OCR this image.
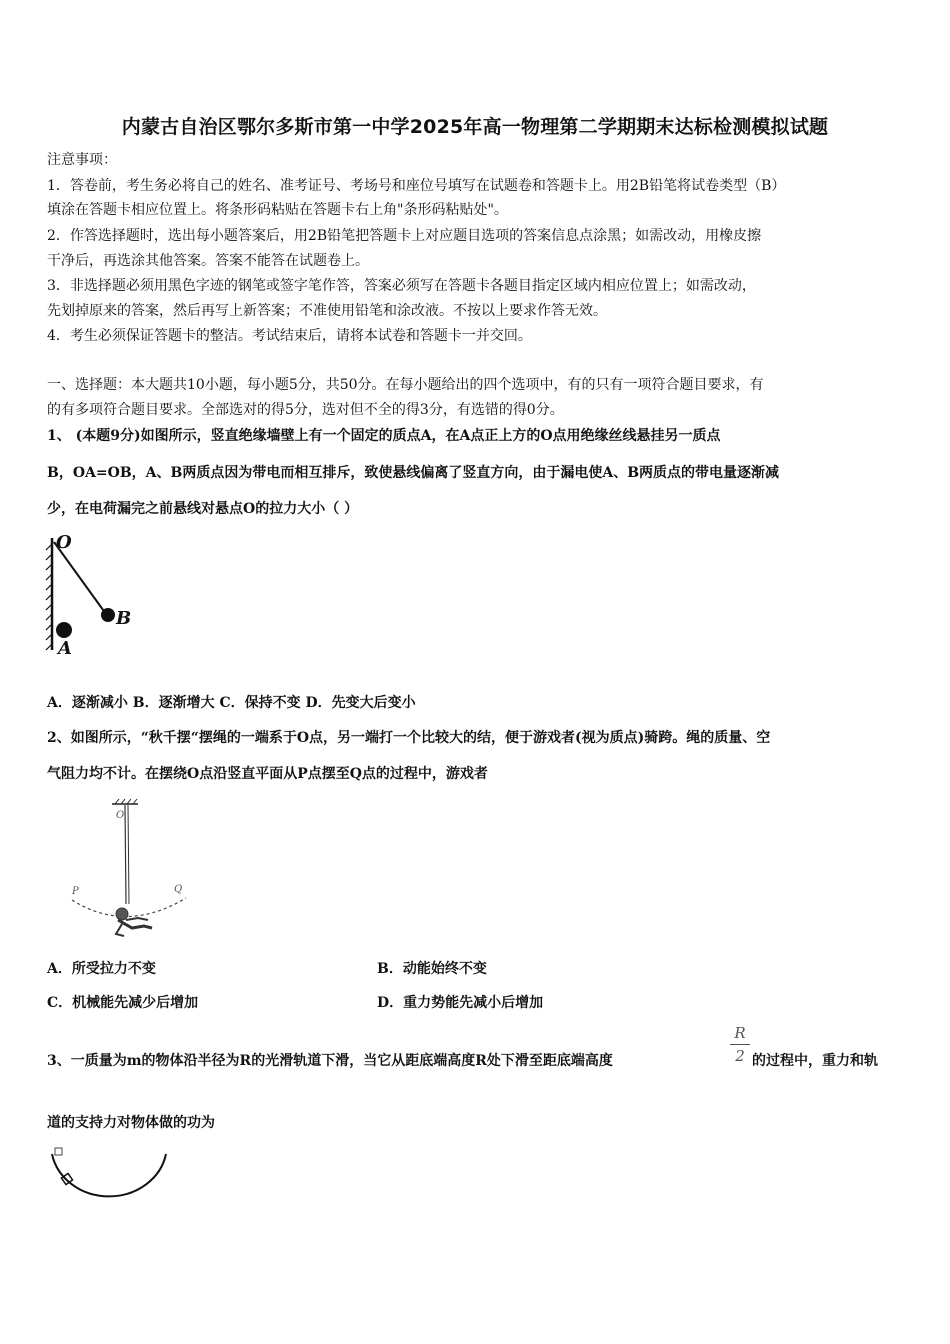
内蒙古自治区鄂尔多斯市第一中学2025年高一物理第二学期期末达标检测模拟试题
注意事项：
1．答卷前，考生务必将自己的姓名、准考证号、考场号和座位号填写在试题卷和答题卡上。用2B铅笔将试卷类型（B）
填涂在答题卡相应位置上。将条形码粘贴在答题卡右上角"条形码粘贴处"。
2．作答选择题时，选出每小题答案后，用2B铅笔把答题卡上对应题目选项的答案信息点涂黑；如需改动，用橡皮擦
干净后，再选涂其他答案。答案不能答在试题卷上。
3．非选择题必须用黑色字迹的钢笔或签字笔作答，答案必须写在答题卡各题目指定区域内相应位置上；如需改动，
先划掉原来的答案，然后再写上新答案；不准使用铅笔和涂改液。不按以上要求作答无效。
4．考生必须保证答题卡的整洁。考试结束后，请将本试卷和答题卡一并交回。
一、选择题：本大题共10小题，每小题5分，共50分。在每小题给出的四个选项中，有的只有一项符合题目要求，有
的有多项符合题目要求。全部选对的得5分，选对但不全的得3分，有选错的得0分。
1、 (本题9分)如图所示，竖直绝缘墙壁上有一个固定的质点A，在A点正上方的O点用绝缘丝线悬挂另一质点
B，OA=OB，A、B两质点因为带电而相互排斥，致使悬线偏离了竖直方向，由于漏电使A、B两质点的带电量逐渐减
少，在电荷漏完之前悬线对悬点O的拉力大小（ ）
O
B
A
A．逐渐减小 B．逐渐增大 C．保持不变 D．先变大后变小
2、如图所示，“秋千摆“摆绳的一端系于O点，另一端打一个比较大的结，便于游戏者(视为质点)骑跨。绳的质量、空
气阻力均不计。在摆绕O点沿竖直平面从P点摆至Q点的过程中，游戏者
O
P	Q
A．所受拉力不变	B．动能始终不变
C．机械能先减少后增加	D．重力势能先减小后增加
3、一质量为m的物体沿半径为R的光滑轨道下滑，当它从距底端高度R处下滑至距底端高度
R
2 的过程中，重力和轨
道的支持力对物体做的功为
